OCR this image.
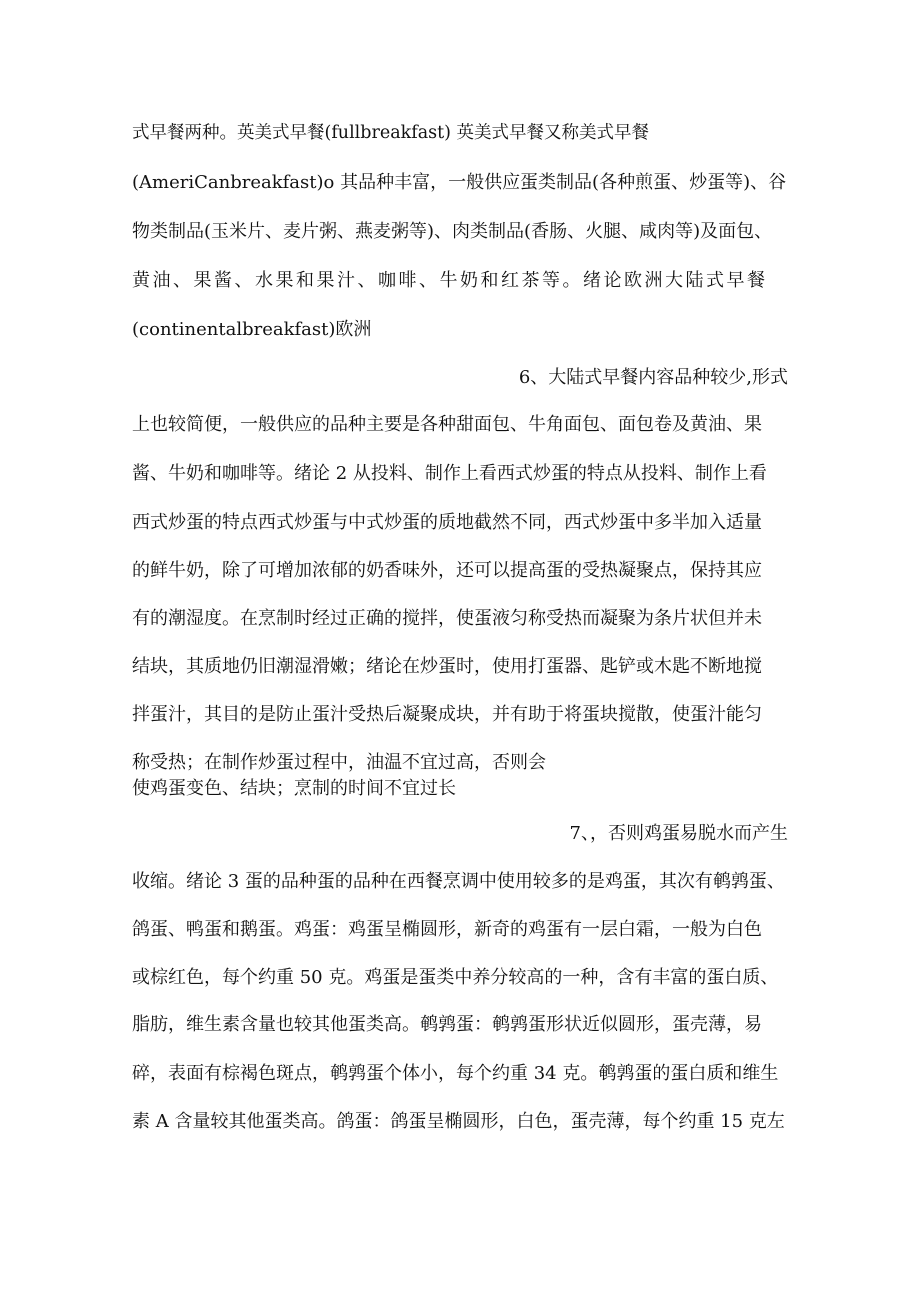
式早餐两种。英美式早餐(fullbreakfast) 英美式早餐又称美式早餐
(AmeriCanbreakfast)o 其品种丰富，一般供应蛋类制品(各种煎蛋、炒蛋等)、谷
物类制品(玉米片、麦片粥、燕麦粥等)、肉类制品(香肠、火腿、咸肉等)及面包、
黄油、果酱、水果和果汁、咖啡、牛奶和红茶等。绪论欧洲大陆式早餐
(continentalbreakfast)欧洲
6、大陆式早餐内容品种较少,形式
上也较简便，一般供应的品种主要是各种甜面包、牛角面包、面包卷及黄油、果
酱、牛奶和咖啡等。绪论 2 从投料、制作上看西式炒蛋的特点从投料、制作上看
西式炒蛋的特点西式炒蛋与中式炒蛋的质地截然不同，西式炒蛋中多半加入适量
的鲜牛奶，除了可增加浓郁的奶香味外，还可以提高蛋的受热凝聚点，保持其应
有的潮湿度。在烹制时经过正确的搅拌，使蛋液匀称受热而凝聚为条片状但并未
结块，其质地仍旧潮湿滑嫩；绪论在炒蛋时，使用打蛋器、匙铲或木匙不断地搅
拌蛋汁，其目的是防止蛋汁受热后凝聚成块，并有助于将蛋块搅散，使蛋汁能匀
称受热；在制作炒蛋过程中，油温不宜过高，否则会
使鸡蛋变色、结块；烹制的时间不宜过长
7、，否则鸡蛋易脱水而产生
收缩。绪论 3 蛋的品种蛋的品种在西餐烹调中使用较多的是鸡蛋，其次有鹌鹑蛋、
鸽蛋、鸭蛋和鹅蛋。鸡蛋：鸡蛋呈椭圆形，新奇的鸡蛋有一层白霜，一般为白色
或棕红色，每个约重 50 克。鸡蛋是蛋类中养分较高的一种，含有丰富的蛋白质、
脂肪，维生素含量也较其他蛋类高。鹌鹑蛋：鹌鹑蛋形状近似圆形，蛋壳薄，易
碎，表面有棕褐色斑点，鹌鹑蛋个体小，每个约重 34 克。鹌鹑蛋的蛋白质和维生
素 A 含量较其他蛋类高。鸽蛋：鸽蛋呈椭圆形，白色，蛋壳薄，每个约重 15 克左
